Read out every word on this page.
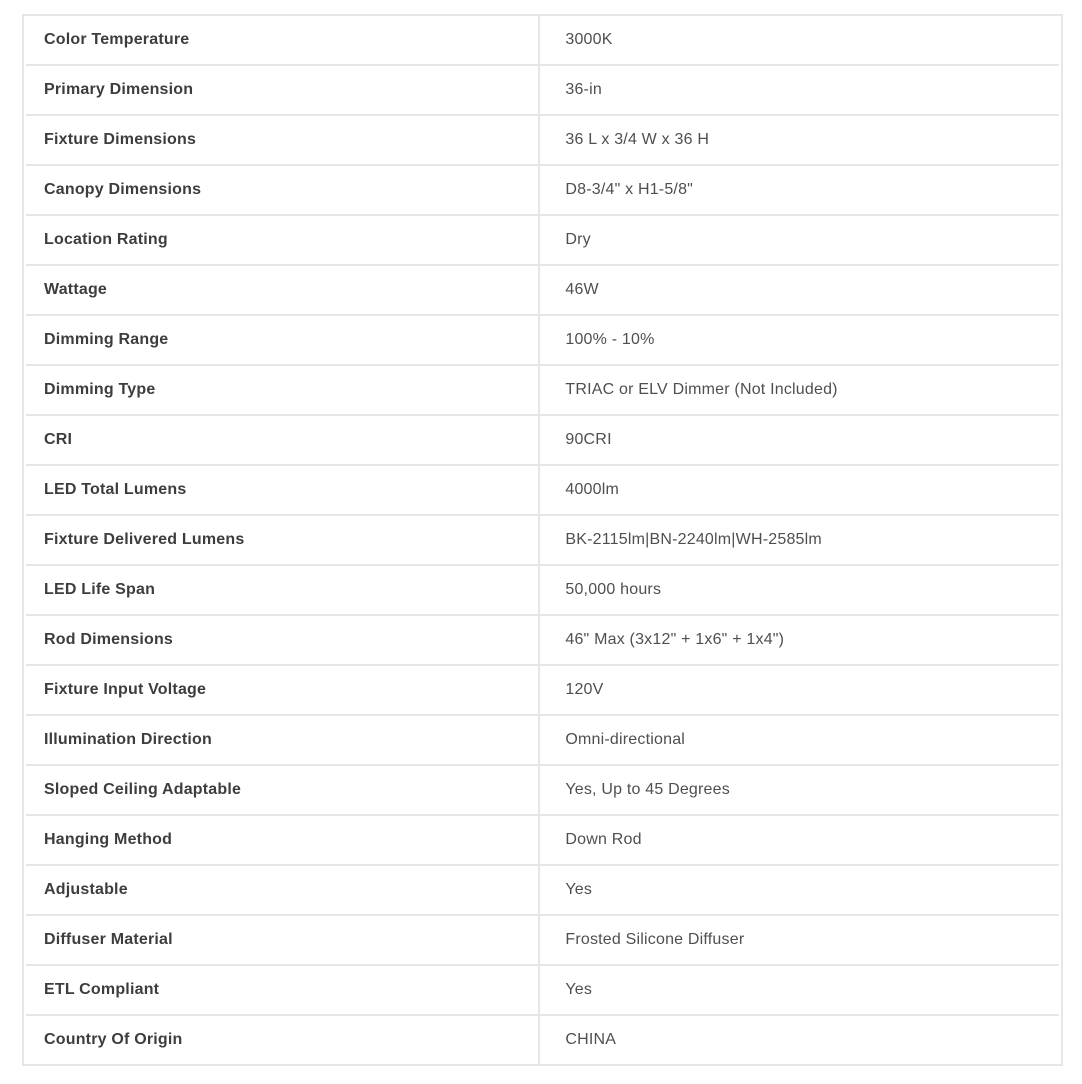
Color Temperature	3000K
Primary Dimension	36-in
Fixture Dimensions	36 L x 3/4 W x 36 H
Canopy Dimensions	D8-3/4" x H1-5/8"
Location Rating	Dry
Wattage	46W
Dimming Range	100% - 10%
Dimming Type	TRIAC or ELV Dimmer (Not Included)
CRI	90CRI
LED Total Lumens	4000lm
Fixture Delivered Lumens	BK-2115lm|BN-2240lm|WH-2585lm
LED Life Span	50,000 hours
Rod Dimensions	46" Max (3x12" + 1x6" + 1x4")
Fixture Input Voltage	120V
Illumination Direction	Omni-directional
Sloped Ceiling Adaptable	Yes, Up to 45 Degrees
Hanging Method	Down Rod
Adjustable	Yes
Diffuser Material	Frosted Silicone Diffuser
ETL Compliant	Yes
Country Of Origin	CHINA
